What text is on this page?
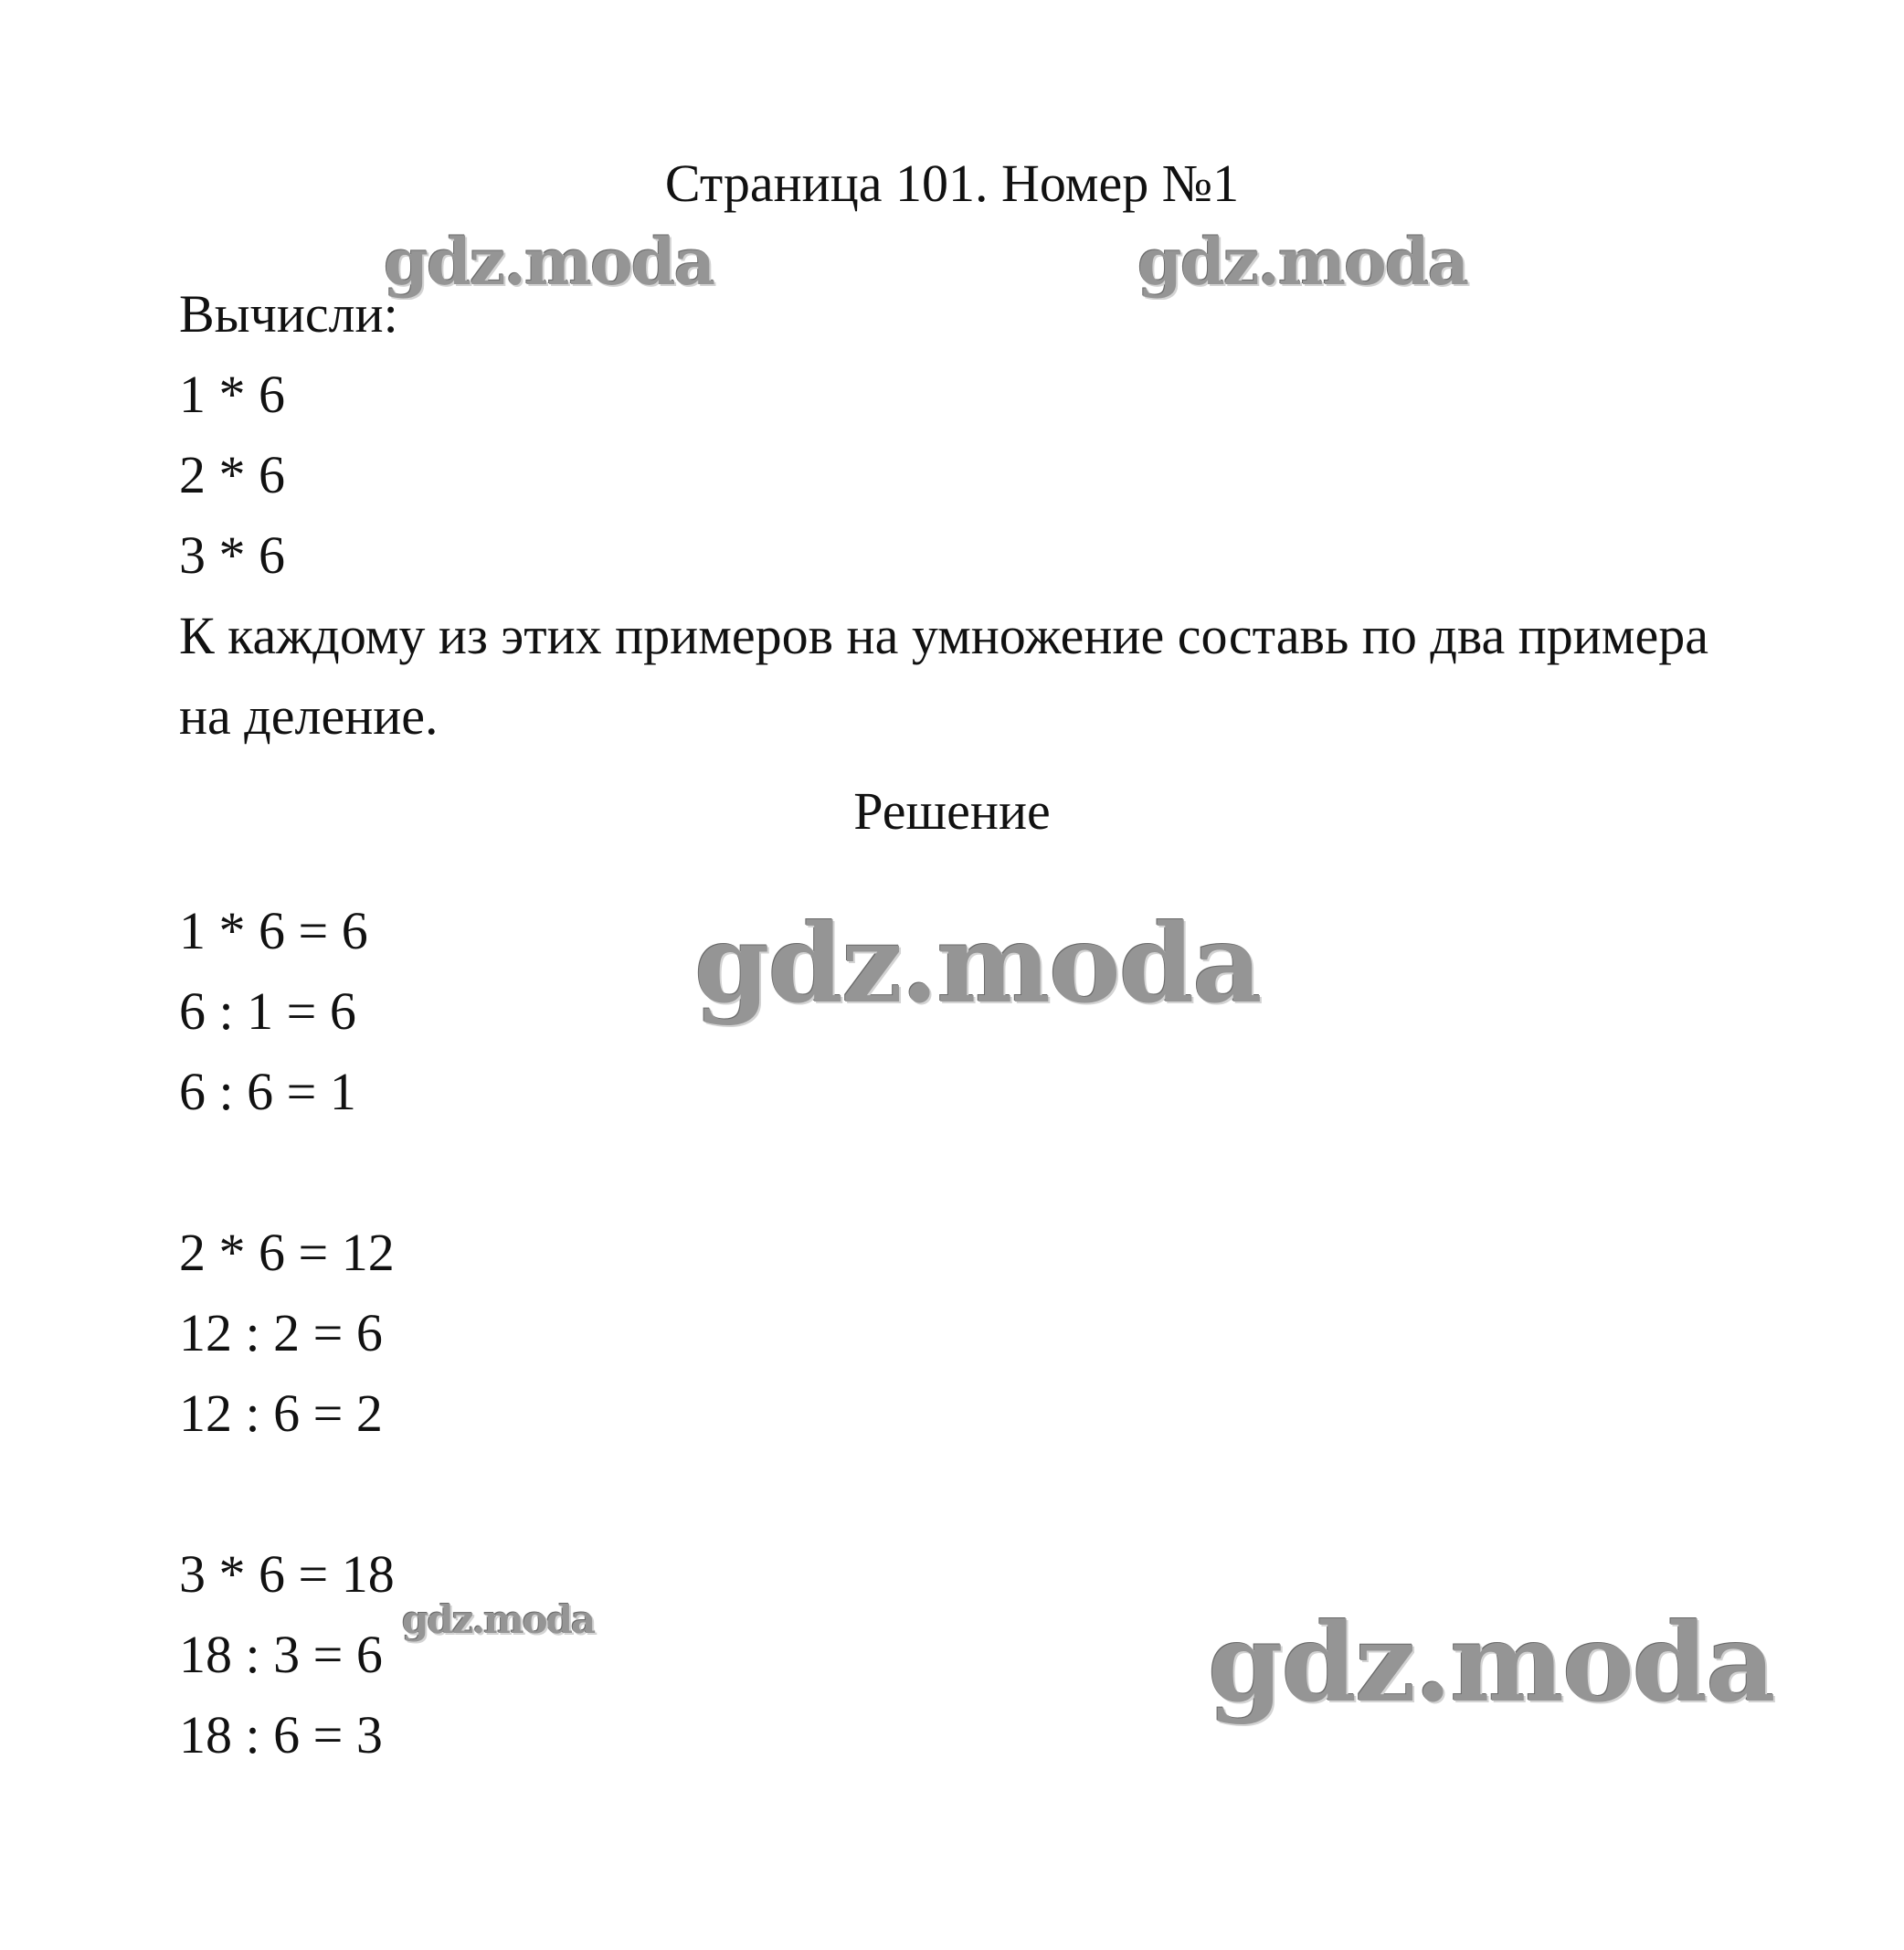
Страница 101. Номер №1
Вычисли:
1 * 6
2 * 6
3 * 6
К каждому из этих примеров на умножение составь по два примера
на деление.
Решение
1 * 6 = 6
6 : 1 = 6
6 : 6 = 1
2 * 6 = 12
12 : 2 = 6
12 : 6 = 2
3 * 6 = 18
18 : 3 = 6
18 : 6 = 3
gdz.moda	gdz.moda
gdz.moda
gdz.moda	gdz.moda
